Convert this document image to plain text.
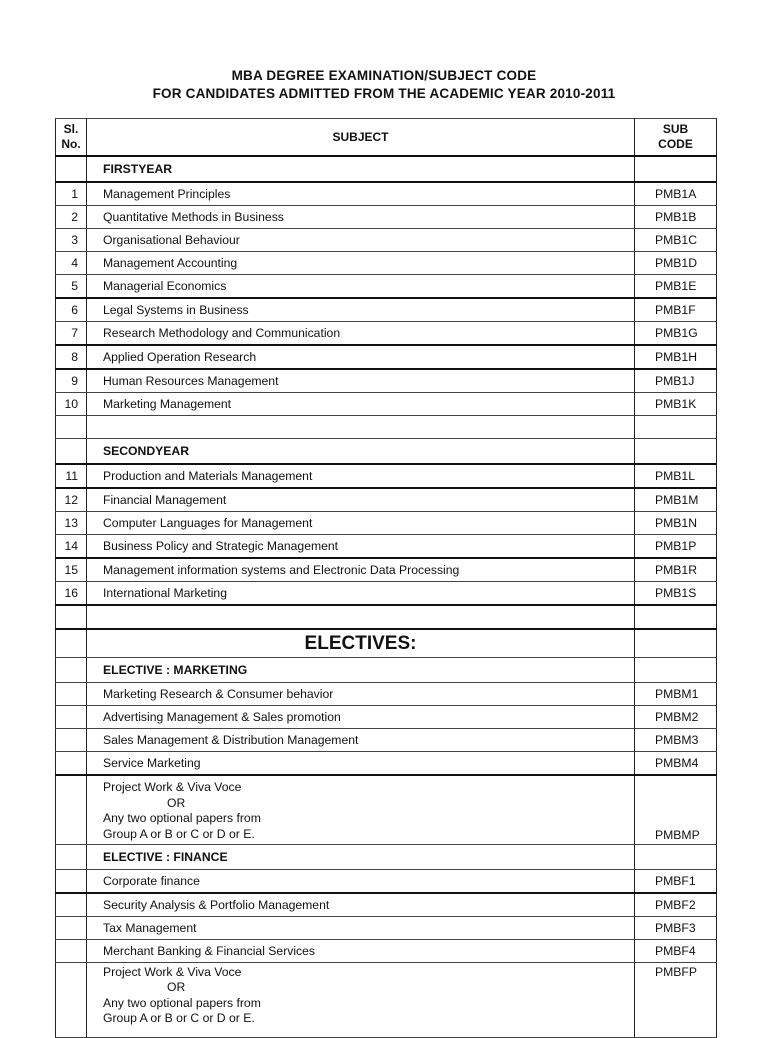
MBA DEGREE EXAMINATION/SUBJECT CODE
FOR CANDIDATES ADMITTED FROM THE ACADEMIC YEAR 2010-2011
Sl.
No.	SUBJECT	SUB
CODE

	FIRSTYEAR	
1	Management Principles	PMB1A
2	Quantitative Methods in Business	PMB1B
3	Organisational Behaviour	PMB1C
4	Management Accounting	PMB1D
5	Managerial Economics	PMB1E
6	Legal Systems in Business	PMB1F
7	Research Methodology and Communication	PMB1G
8	Applied Operation Research	PMB1H
9	Human Resources Management	PMB1J
10	Marketing Management	PMB1K

	SECONDYEAR	
11	Production and Materials Management	PMB1L
12	Financial Management	PMB1M
13	Computer Languages for Management	PMB1N
14	Business Policy and Strategic Management	PMB1P
15	Management information systems and Electronic Data Processing	PMB1R
16	International Marketing	PMB1S

	ELECTIVES:	
	ELECTIVE : MARKETING	
	Marketing Research & Consumer behavior	PMBM1
	Advertising Management & Sales promotion	PMBM2
	Sales Management & Distribution Management	PMBM3
	Service Marketing	PMBM4

	Project Work & Viva Voce
OR
Any two optional papers from
Group A or B or C or D or E.	PMBMP
	ELECTIVE : FINANCE	
	Corporate finance	PMBF1
	Security Analysis & Portfolio Management	PMBF2
	Tax Management	PMBF3
	Merchant Banking & Financial Services	PMBF4

	Project Work & Viva Voce
OR
Any two optional papers from
Group A or B or C or D or E.	PMBFP
